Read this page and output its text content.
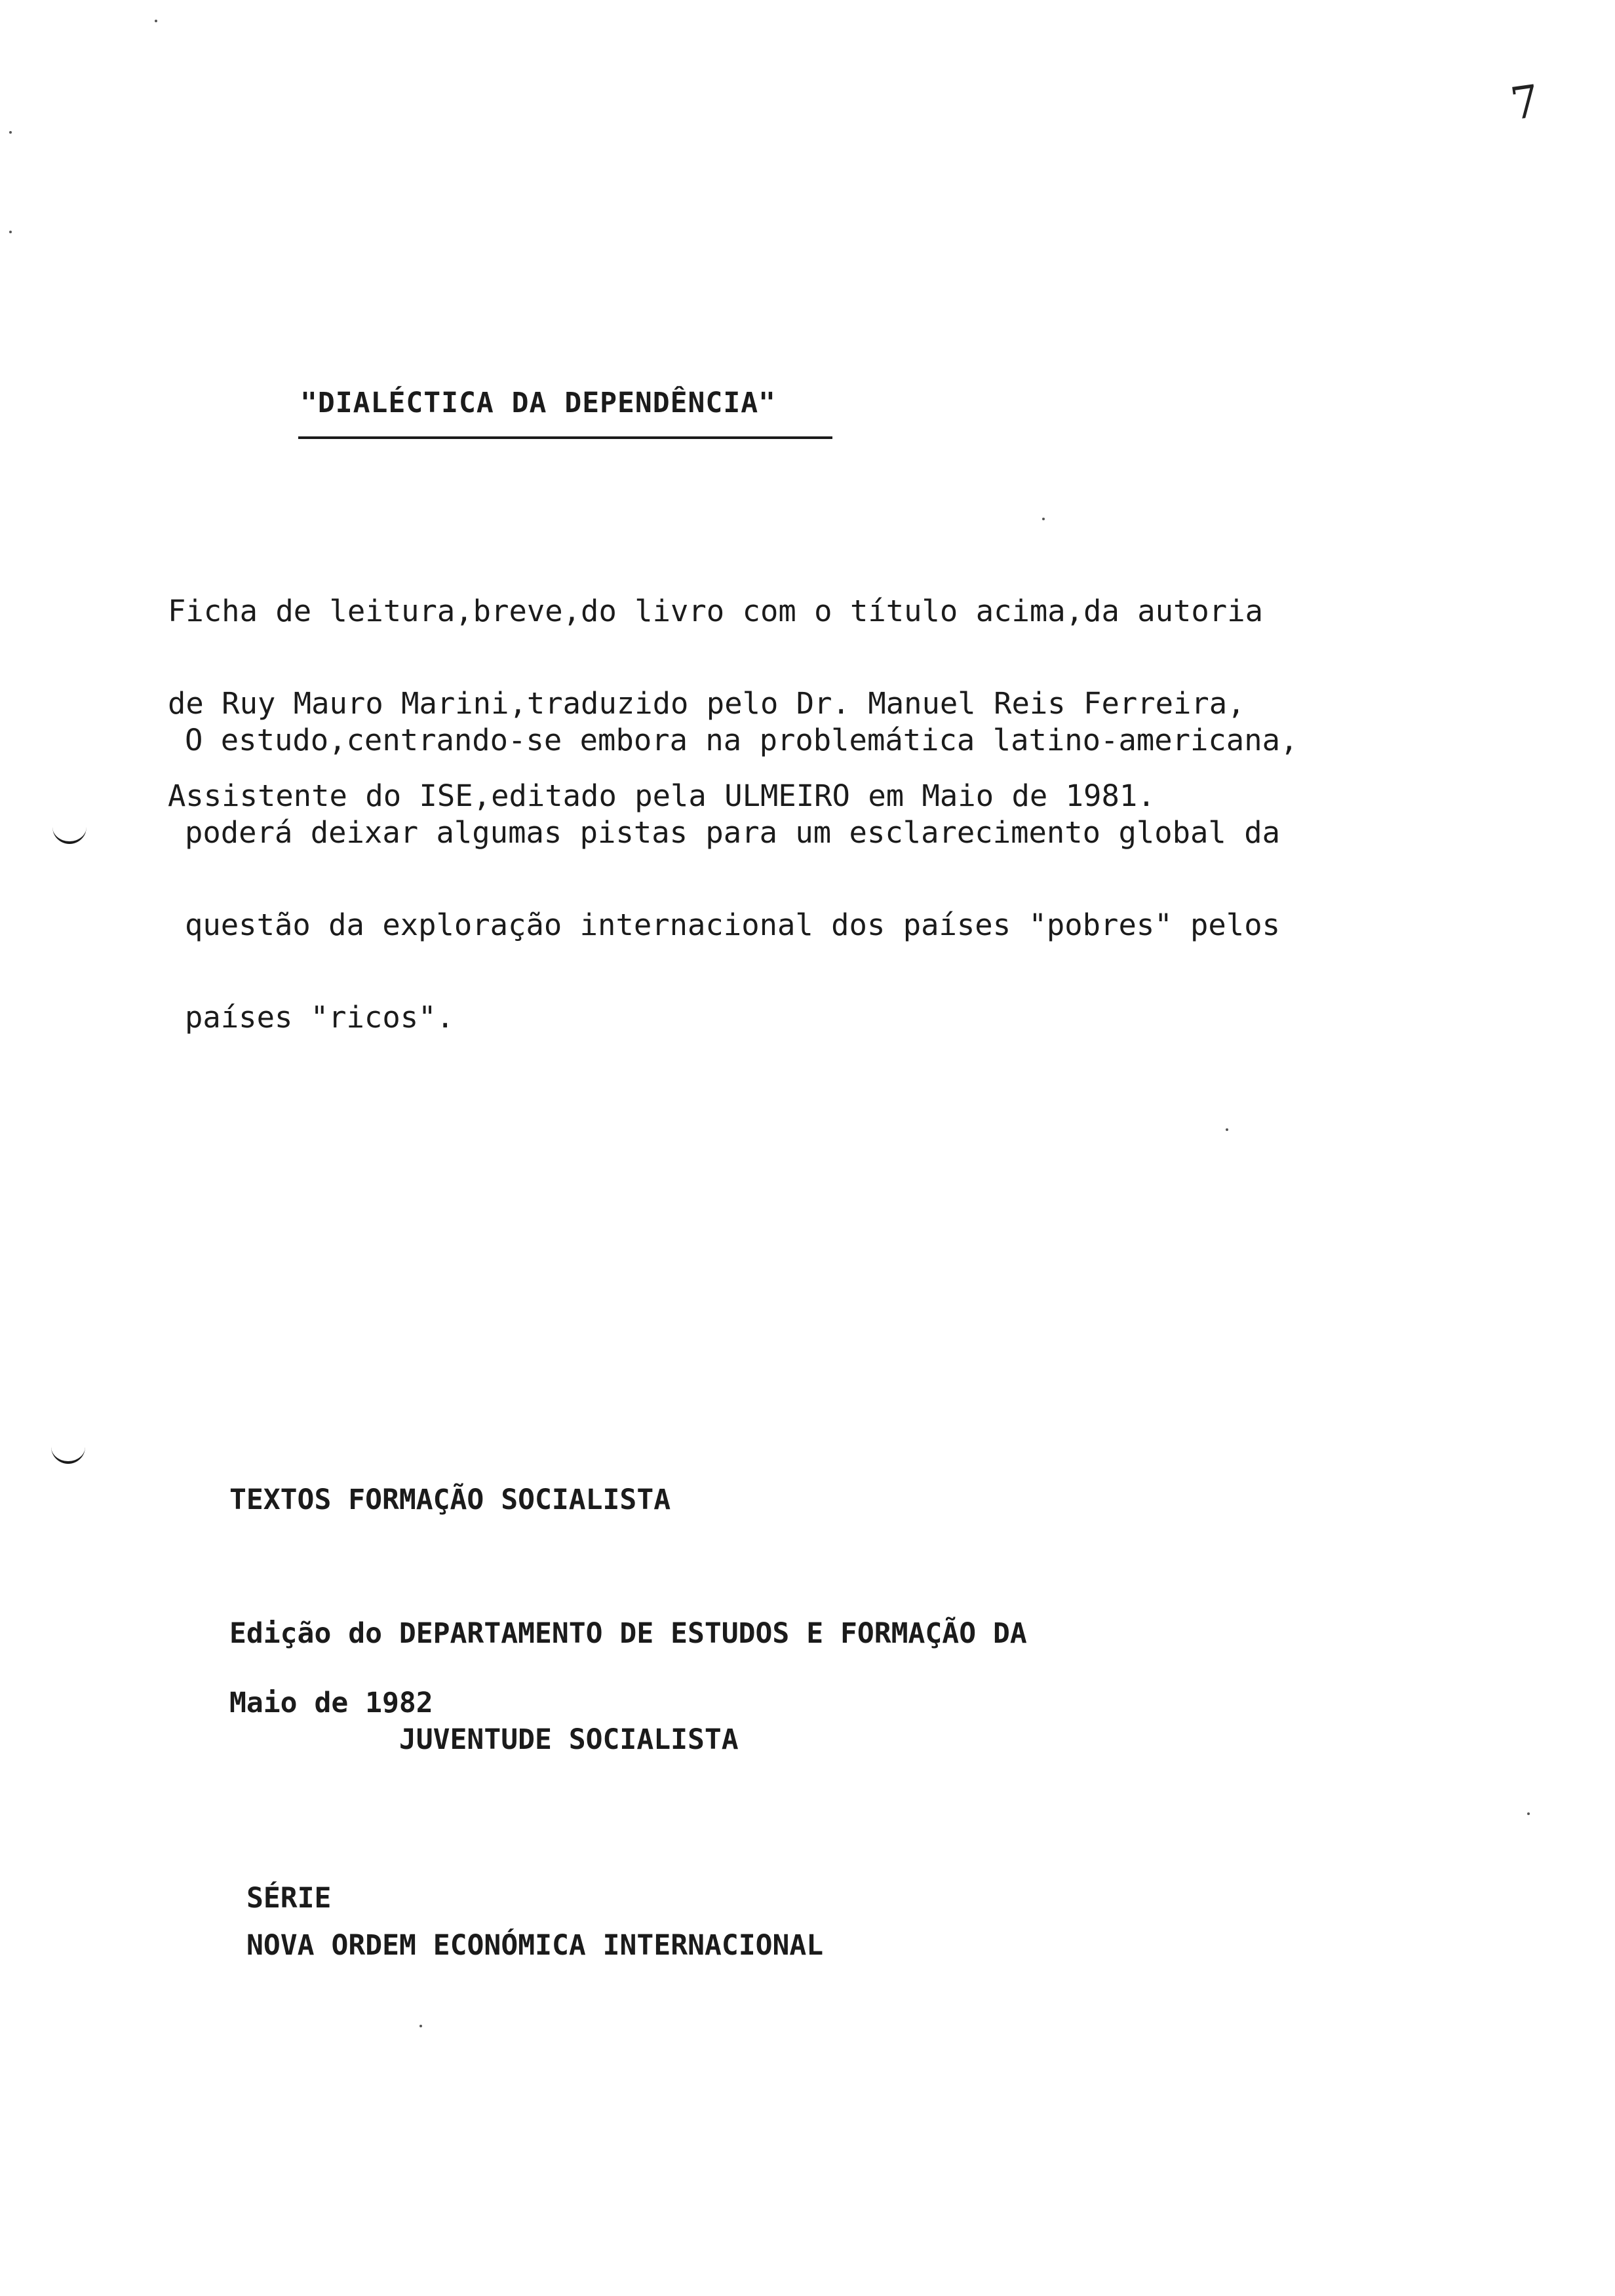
7
"DIALÉCTICA DA DEPENDÊNCIA"

Ficha de leitura,breve,do livro com o título acima,da autoria

de Ruy Mauro Marini,traduzido pelo Dr. Manuel Reis Ferreira,

Assistente do ISE,editado pela ULMEIRO em Maio de 1981.

O estudo,centrando-se embora na problemática latino-americana,

poderá deixar algumas pistas para um esclarecimento global da

questão da exploração internacional dos países "pobres" pelos

países "ricos".

TEXTOS FORMAÇÃO SOCIALISTA

Edição do DEPARTAMENTO DE ESTUDOS E FORMAÇÃO DA

JUVENTUDE SOCIALISTA

Maio de 1982
SÉRIE
NOVA ORDEM ECONÓMICA INTERNACIONAL
